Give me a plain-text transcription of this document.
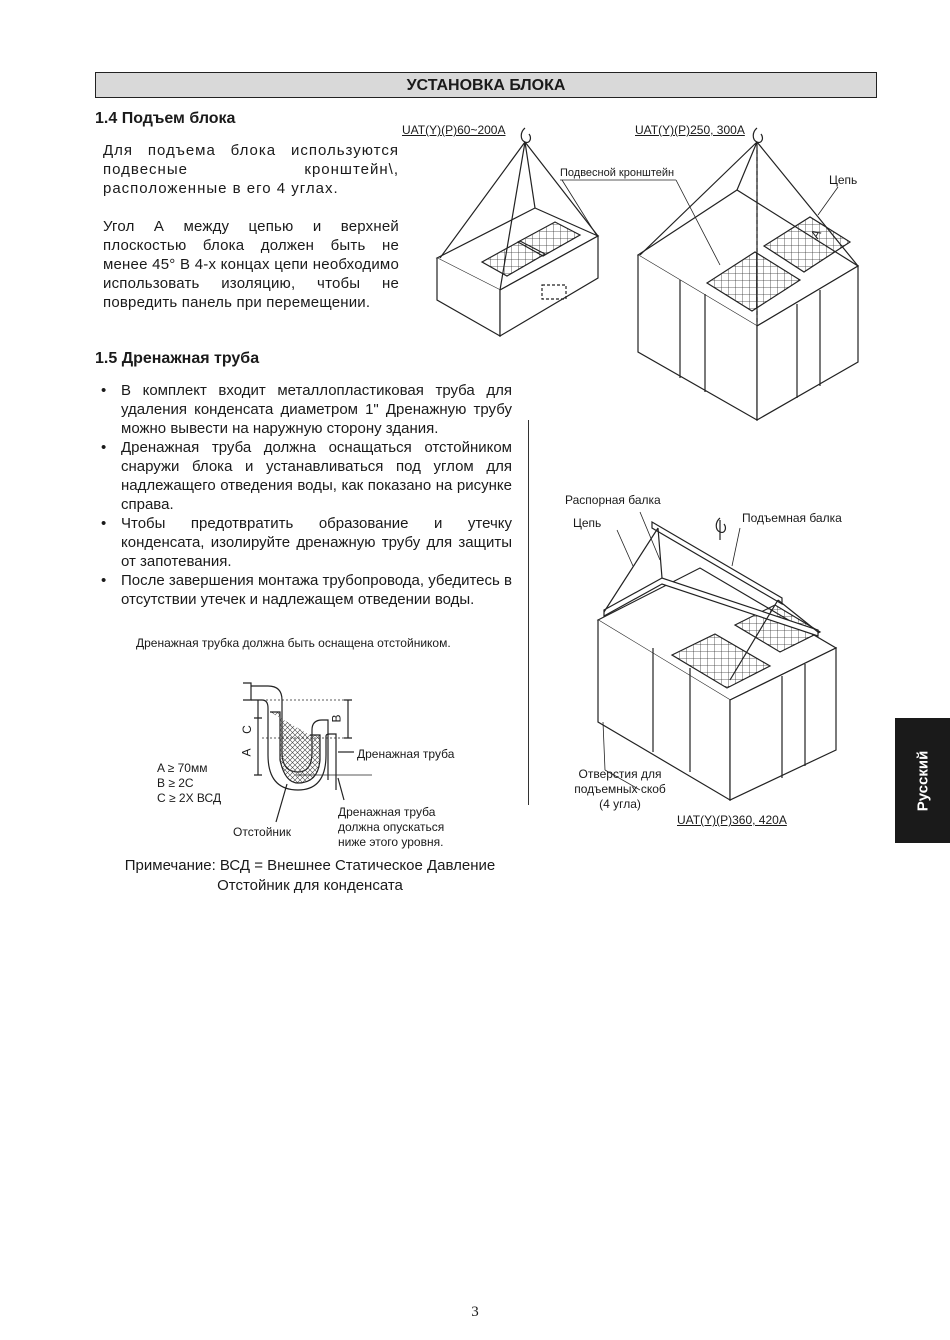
УСТАНОВКА БЛОКА
1.4 Подъем блока
Для подъема блока используются подвесные кронштейн\, расположенные в его 4 углах.
Угол А между цепью и верхней плоскостью блока должен быть не менее 45° В 4-х концах цепи необходимо использовать изоляцию, чтобы не повредить панель при перемещении.
UAT(Y)(P)60~200A	UAT(Y)(P)250, 300A
Подвесной кронштейн	Цепь
A
1.5 Дренажная труба
• В комплект входит металлопластиковая труба для удаления конденсата диаметром 1" Дренажную трубу можно вывести на наружную сторону здания.
• Дренажная труба должна оснащаться отстойником снаружи блока и устанавливаться под углом для надлежащего отведения воды, как показано на рисунке справа.
• Чтобы предотвратить образование и утечку конденсата, изолируйте дренажную трубу для защиты от запотевания.
• После завершения монтажа трубопровода, убедитесь в отсутствии утечек и надлежащем отведении воды.
Дренажная трубка должна быть оснащена отстойником.
C
A
B
A ≥ 70мм
B ≥ 2C
C ≥ 2X ВСД
Дренажная труба
Отстойник
Дренажная труба
должна опускаться
ниже этого уровня.
Примечание: ВСД = Внешнее Статическое Давление
Отстойник для конденсата
Распорная балка
Цепь	Подъемная балка
Отверстия для
подъемных скоб
(4 угла)
UAT(Y)(P)360, 420A
Русский
3
